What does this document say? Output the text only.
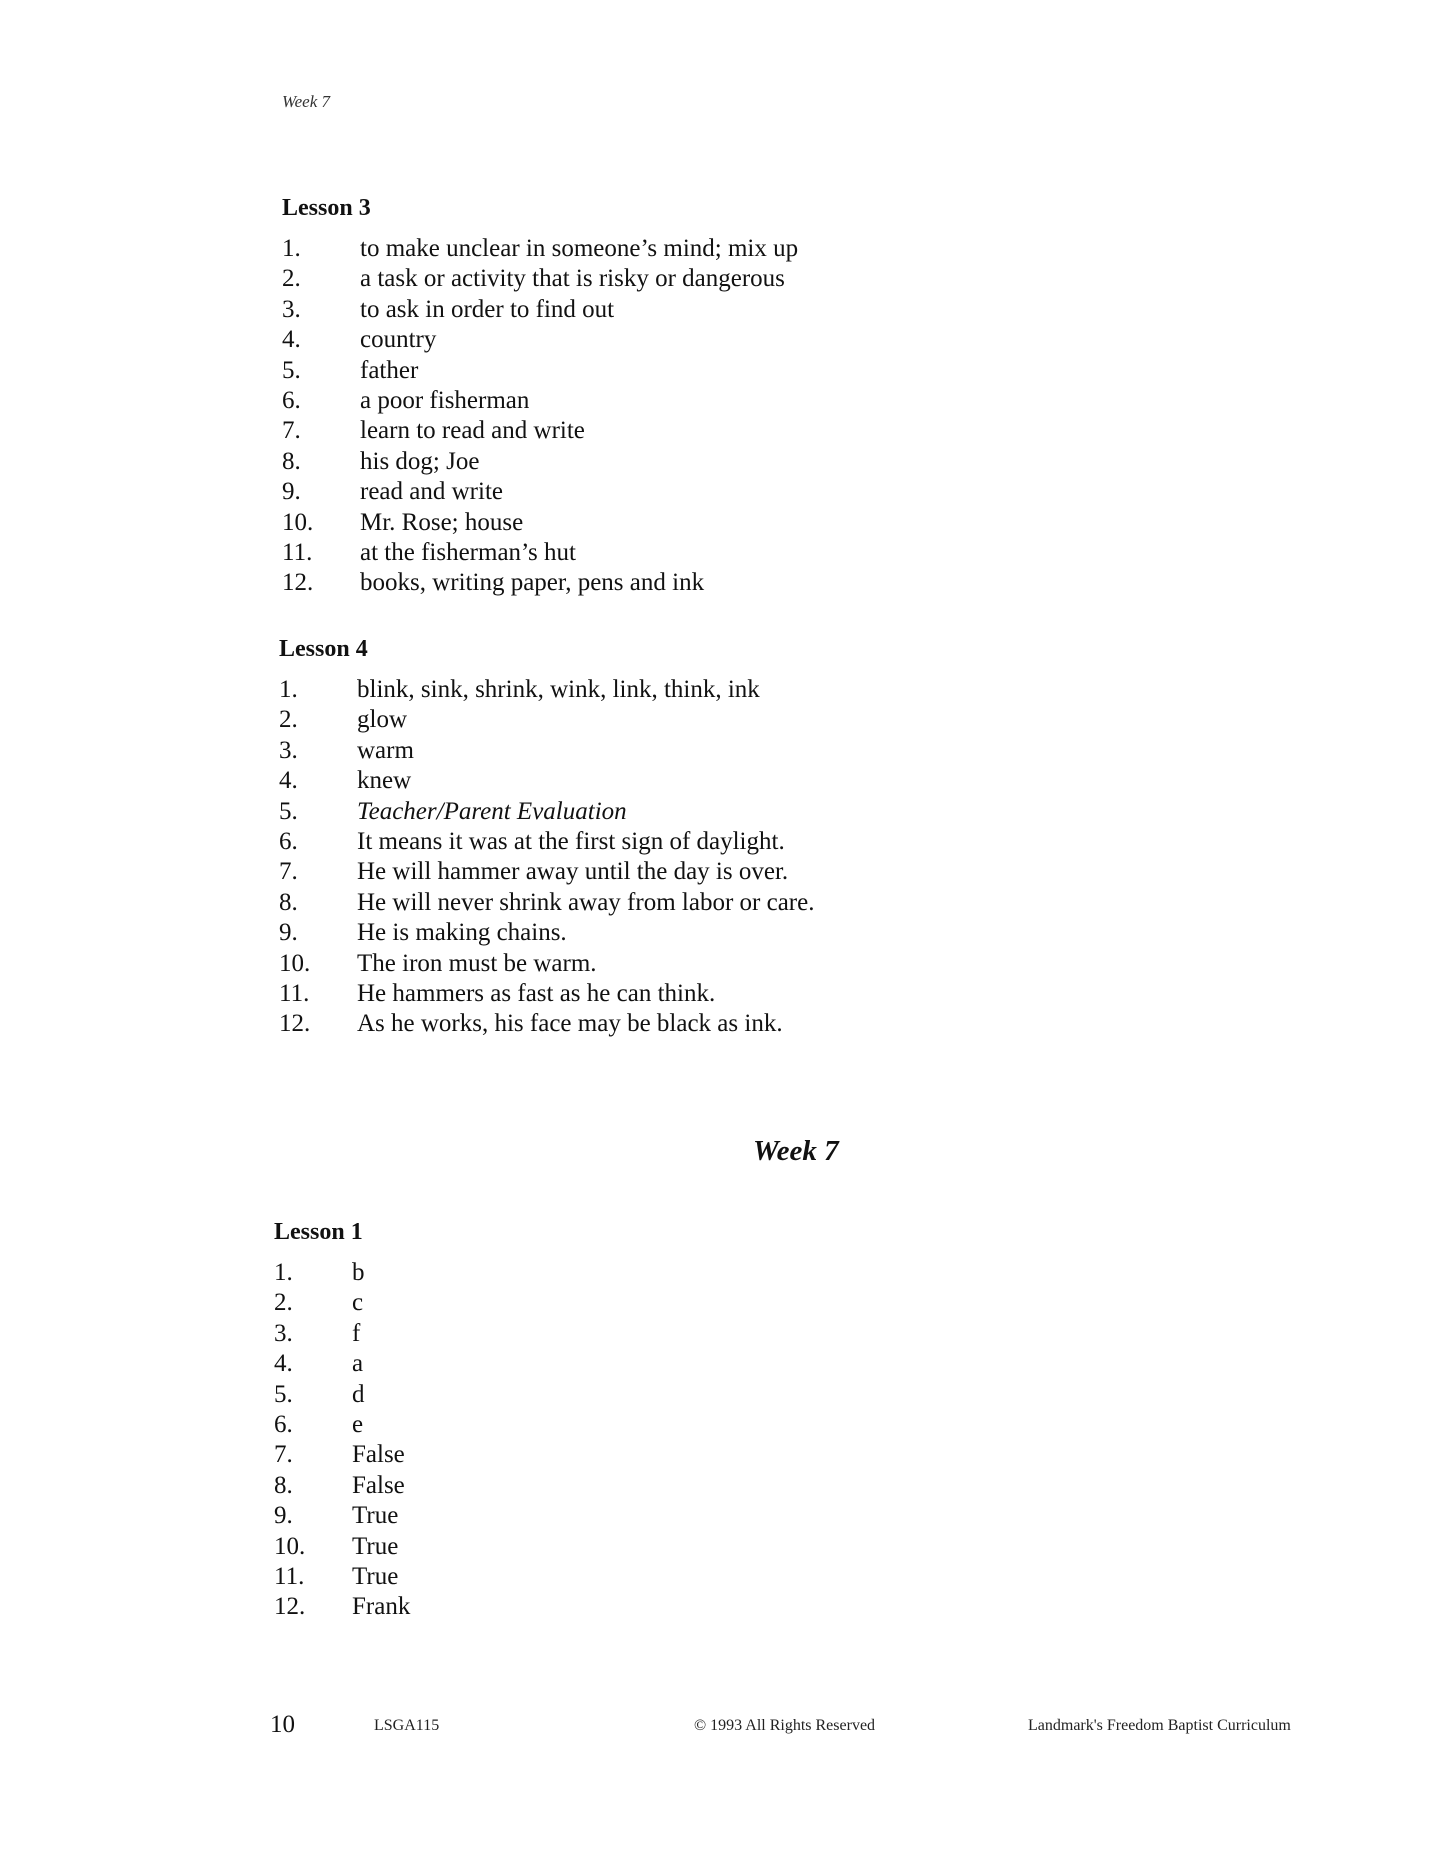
Week 7
Lesson 3
1.	to make unclear in someone’s mind; mix up
2.	a task or activity that is risky or dangerous
3.	to ask in order to find out
4.	country
5.	father
6.	a poor fisherman
7.	learn to read and write
8.	his dog; Joe
9.	read and write
10.	Mr. Rose; house
11.	at the fisherman’s hut
12.	books, writing paper, pens and ink
Lesson 4
1.	blink, sink, shrink, wink, link, think, ink
2.	glow
3.	warm
4.	knew
5.	Teacher/Parent Evaluation
6.	It means it was at the first sign of daylight.
7.	He will hammer away until the day is over.
8.	He will never shrink away from labor or care.
9.	He is making chains.
10.	The iron must be warm.
11.	He hammers as fast as he can think.
12.	As he works, his face may be black as ink.
Week 7
Lesson 1
1.	b
2.	c
3.	f
4.	a
5.	d
6.	e
7.	False
8.	False
9.	True
10.	True
11.	True
12.	Frank
10	LSGA115	© 1993 All Rights Reserved	Landmark's Freedom Baptist Curriculum
